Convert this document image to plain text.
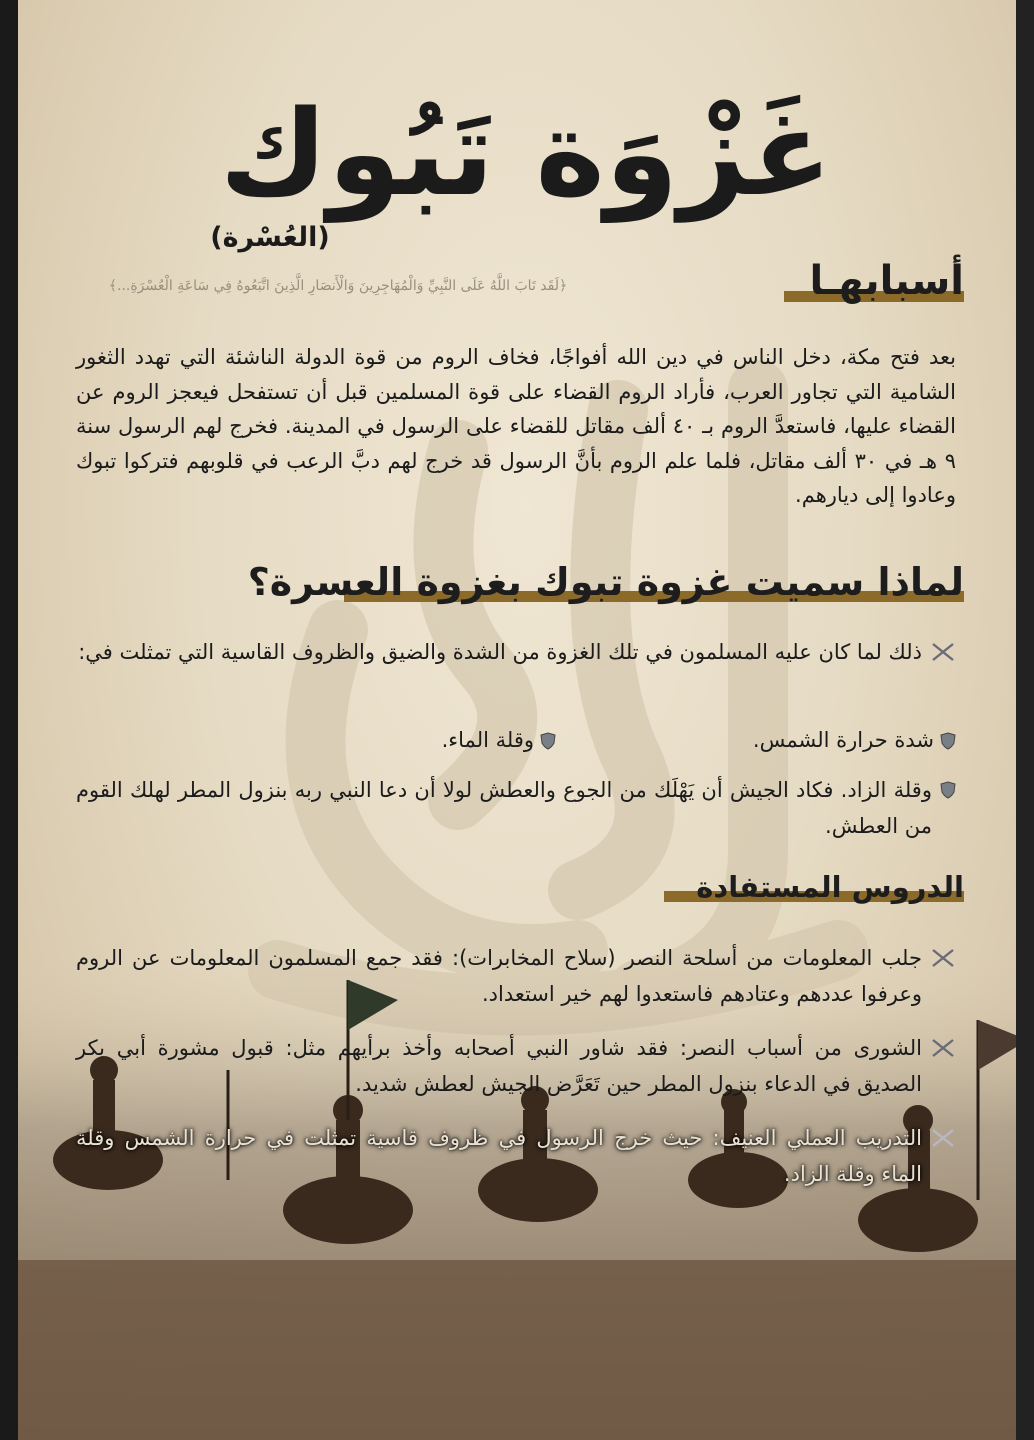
غَزْوَة تَبُوك
(العُسْرة)
﴿لَقَد تَابَ اللَّهُ عَلَى النَّبِيِّ وَالْمُهَاجِرِينَ وَالْأَنصَارِ الَّذِينَ اتَّبَعُوهُ فِي سَاعَةِ الْعُسْرَةِ...﴾	أسبابهـا
بعد فتح مكة، دخل الناس في دين الله أفواجًا، فخاف الروم من قوة الدولة الناشئة التي تهدد الثغور الشامية التي تجاور العرب، فأراد الروم القضاء على قوة المسلمين قبل أن تستفحل فيعجز الروم عن القضاء عليها، فاستعدَّ الروم بـ ٤٠ ألف مقاتل للقضاء على الرسول في المدينة. فخرج لهم الرسول سنة ٩ هـ في ٣٠ ألف مقاتل، فلما علم الروم بأنَّ الرسول قد خرج لهم دبَّ الرعب في قلوبهم فتركوا تبوك وعادوا إلى ديارهم.
لماذا سميت غزوة تبوك بغزوة العسرة؟
ذلك لما كان عليه المسلمون في تلك الغزوة من الشدة والضيق والظروف القاسية التي تمثلت في:
شدة حرارة الشمس.
وقلة الماء.
وقلة الزاد. فكاد الجيش أن يَهْلَك من الجوع والعطش لولا أن دعا النبي ربه بنزول المطر لهلك القوم من العطش.
الدروس المستفادة
جلب المعلومات من أسلحة النصر (سلاح المخابرات): فقد جمع المسلمون المعلومات عن الروم وعرفوا عددهم وعتادهم فاستعدوا لهم خير استعداد.
الشورى من أسباب النصر: فقد شاور النبي أصحابه وأخذ برأيهم مثل: قبول مشورة أبي بكر الصديق في الدعاء بنزول المطر حين تَعَرَّض الجيش لعطش شديد.
التدريب العملي العنيف: حيث خرج الرسول في ظروف قاسية تمثلت في حرارة الشمس وقلة الماء وقلة الزاد.
